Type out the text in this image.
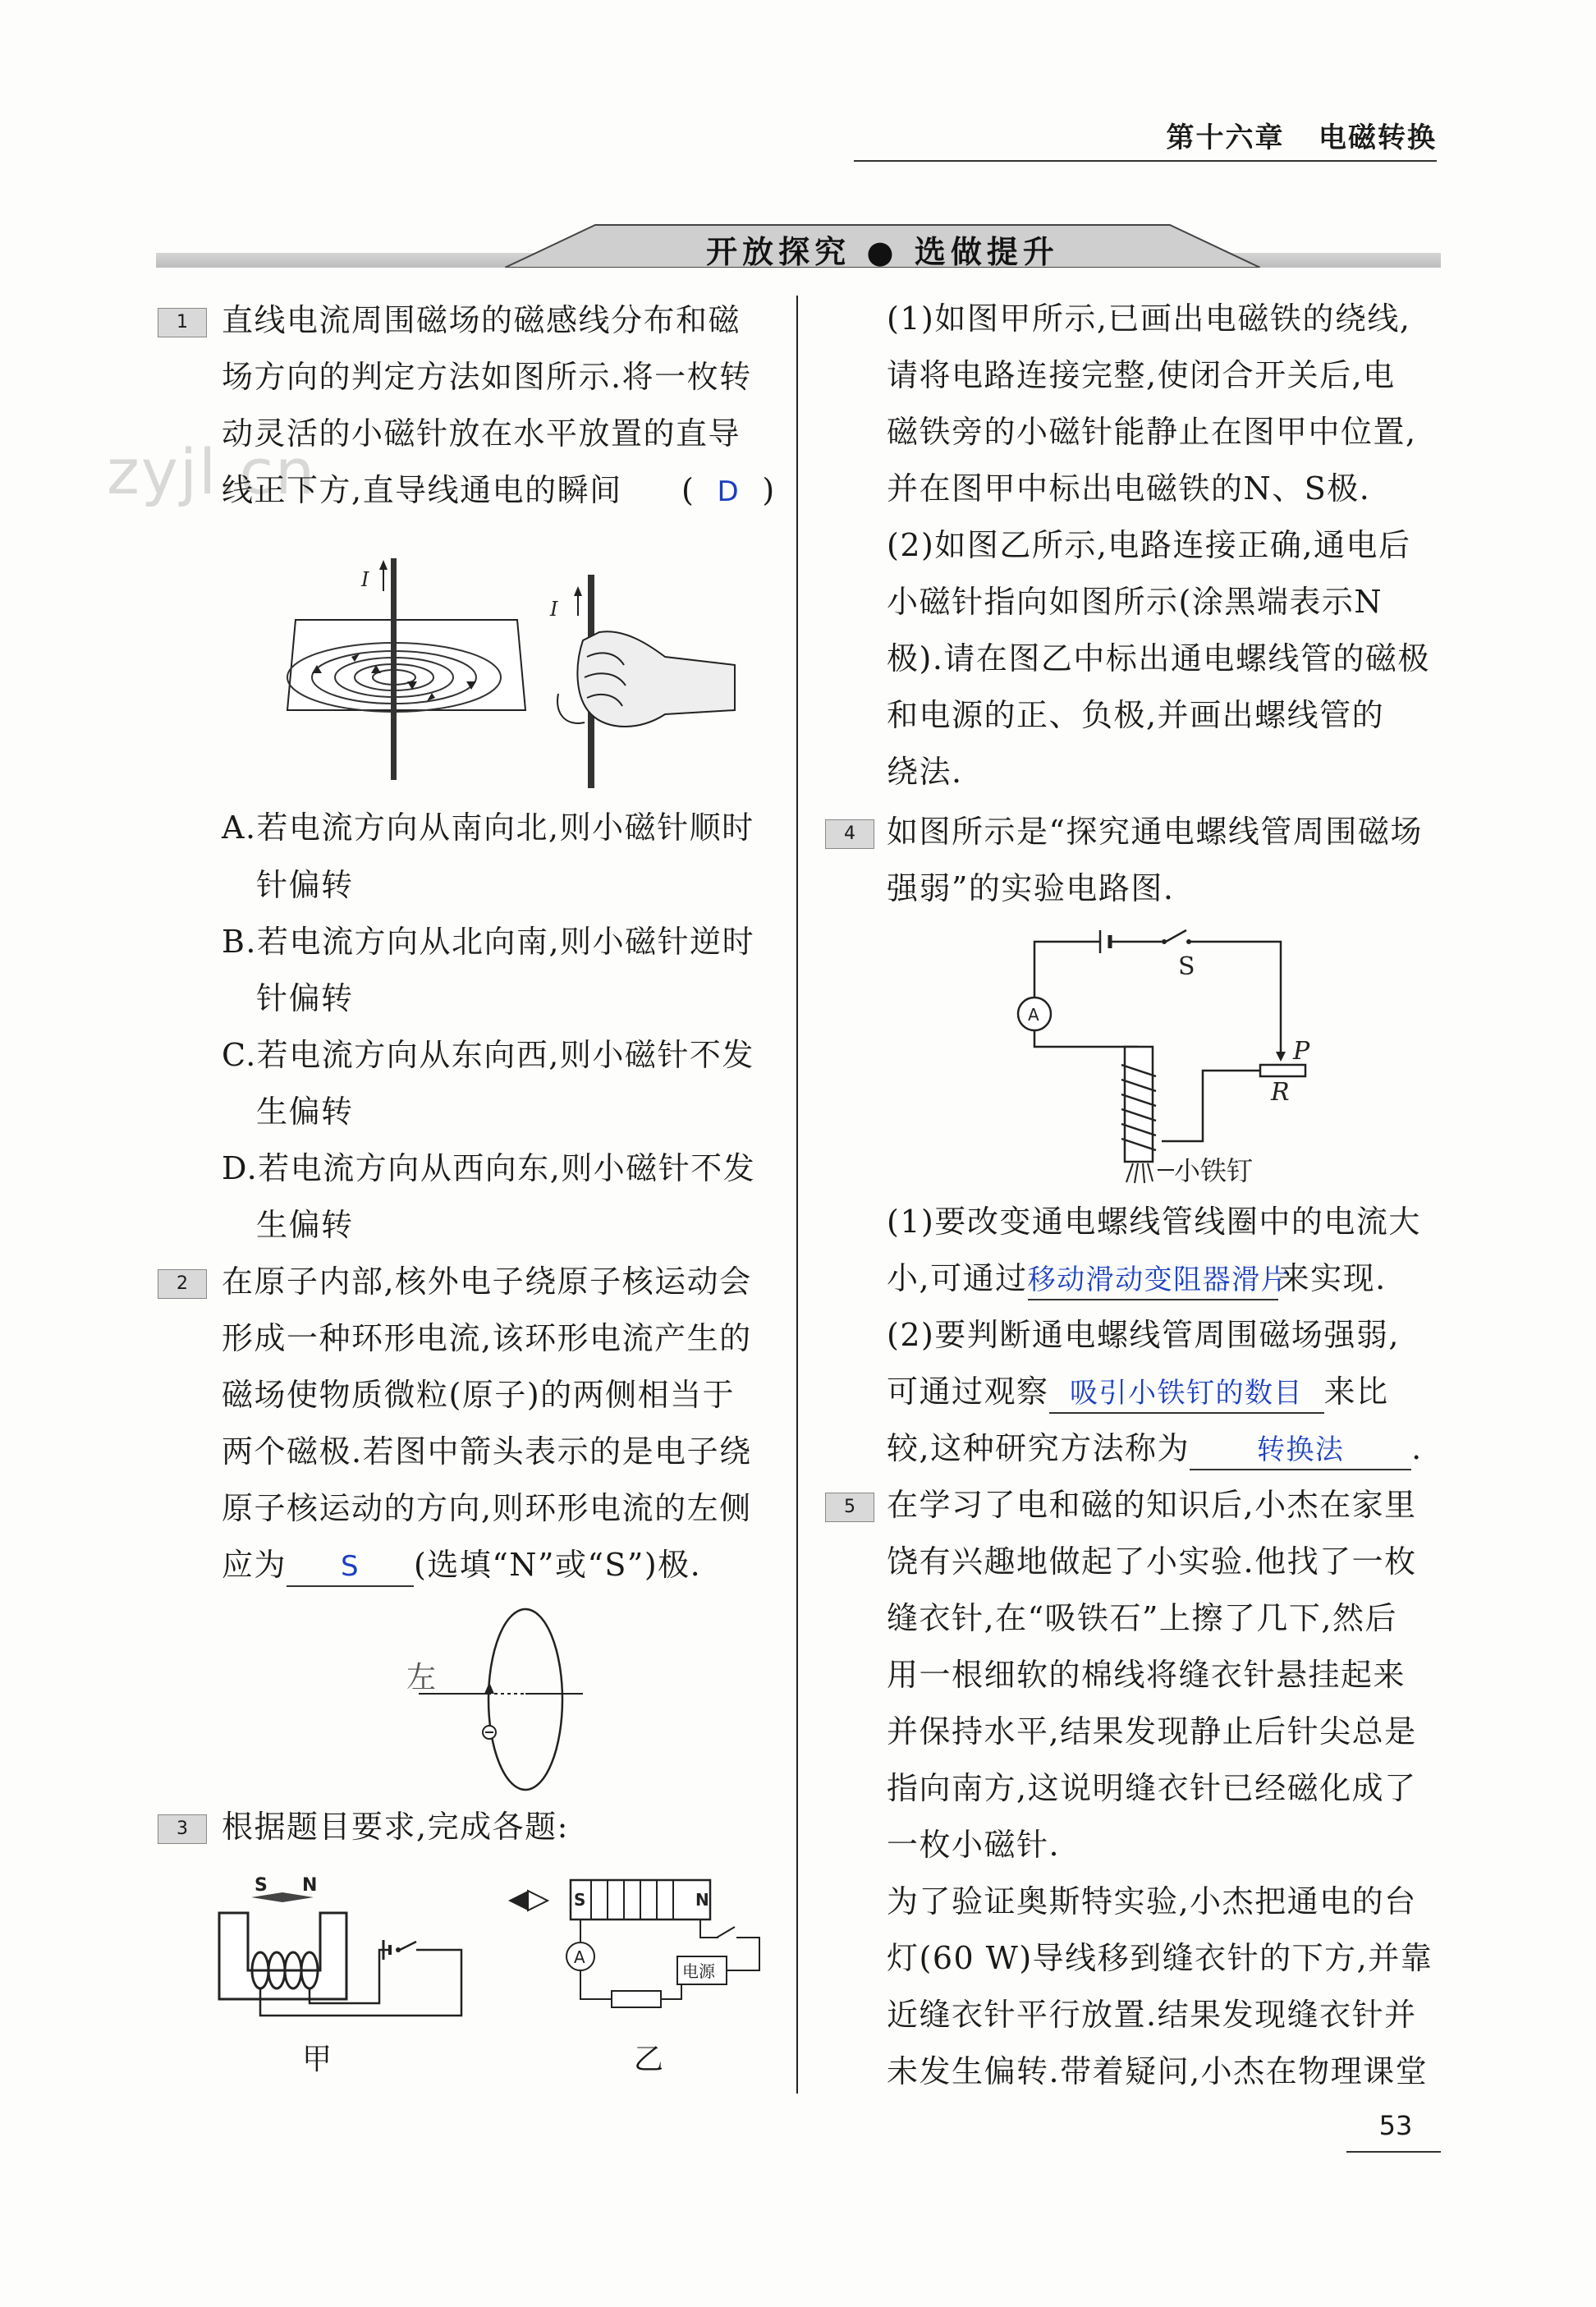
第十六章 电磁转换
开放探究 ● 选做提升
zyjl.cn
1	直线电流周围磁场的磁感线分布和磁
场方向的判定方法如图所示.将一枚转
动灵活的小磁针放在水平放置的直导
线正下方,直导线通电的瞬间 (  D  )
I
I
A.若电流方向从南向北,则小磁针顺时
针偏转
B.若电流方向从北向南,则小磁针逆时
针偏转
C.若电流方向从东向西,则小磁针不发
生偏转
D.若电流方向从西向东,则小磁针不发
生偏转
2	在原子内部,核外电子绕原子核运动会
形成一种环形电流,该环形电流产生的
磁场使物质微粒(原子)的两侧相当于
两个磁极.若图中箭头表示的是电子绕
原子核运动的方向,则环形电流的左侧
应为 S (选填“N”或“S”)极.
左
3	根据题目要求,完成各题:
S N
甲
S	N
A
电源
乙
(1)如图甲所示,已画出电磁铁的绕线,
请将电路连接完整,使闭合开关后,电
磁铁旁的小磁针能静止在图甲中位置,
并在图甲中标出电磁铁的N、S极.
(2)如图乙所示,电路连接正确,通电后
小磁针指向如图所示(涂黑端表示N
极).请在图乙中标出通电螺线管的磁极
和电源的正、负极,并画出螺线管的
绕法.
4	如图所示是“探究通电螺线管周围磁场
强弱”的实验电路图.
S
A
P
R
小铁钉
(1)要改变通电螺线管线圈中的电流大
小,可通过移动滑动变阻器滑片来实现.
(2)要判断通电螺线管周围磁场强弱,
可通过观察 吸引小铁钉的数目 来比
较,这种研究方法称为 转换法 .
5	在学习了电和磁的知识后,小杰在家里
饶有兴趣地做起了小实验.他找了一枚
缝衣针,在“吸铁石”上擦了几下,然后
用一根细软的棉线将缝衣针悬挂起来
并保持水平,结果发现静止后针尖总是
指向南方,这说明缝衣针已经磁化成了
一枚小磁针.
为了验证奥斯特实验,小杰把通电的台
灯(60 W)导线移到缝衣针的下方,并靠
近缝衣针平行放置.结果发现缝衣针并
未发生偏转.带着疑问,小杰在物理课堂
53
